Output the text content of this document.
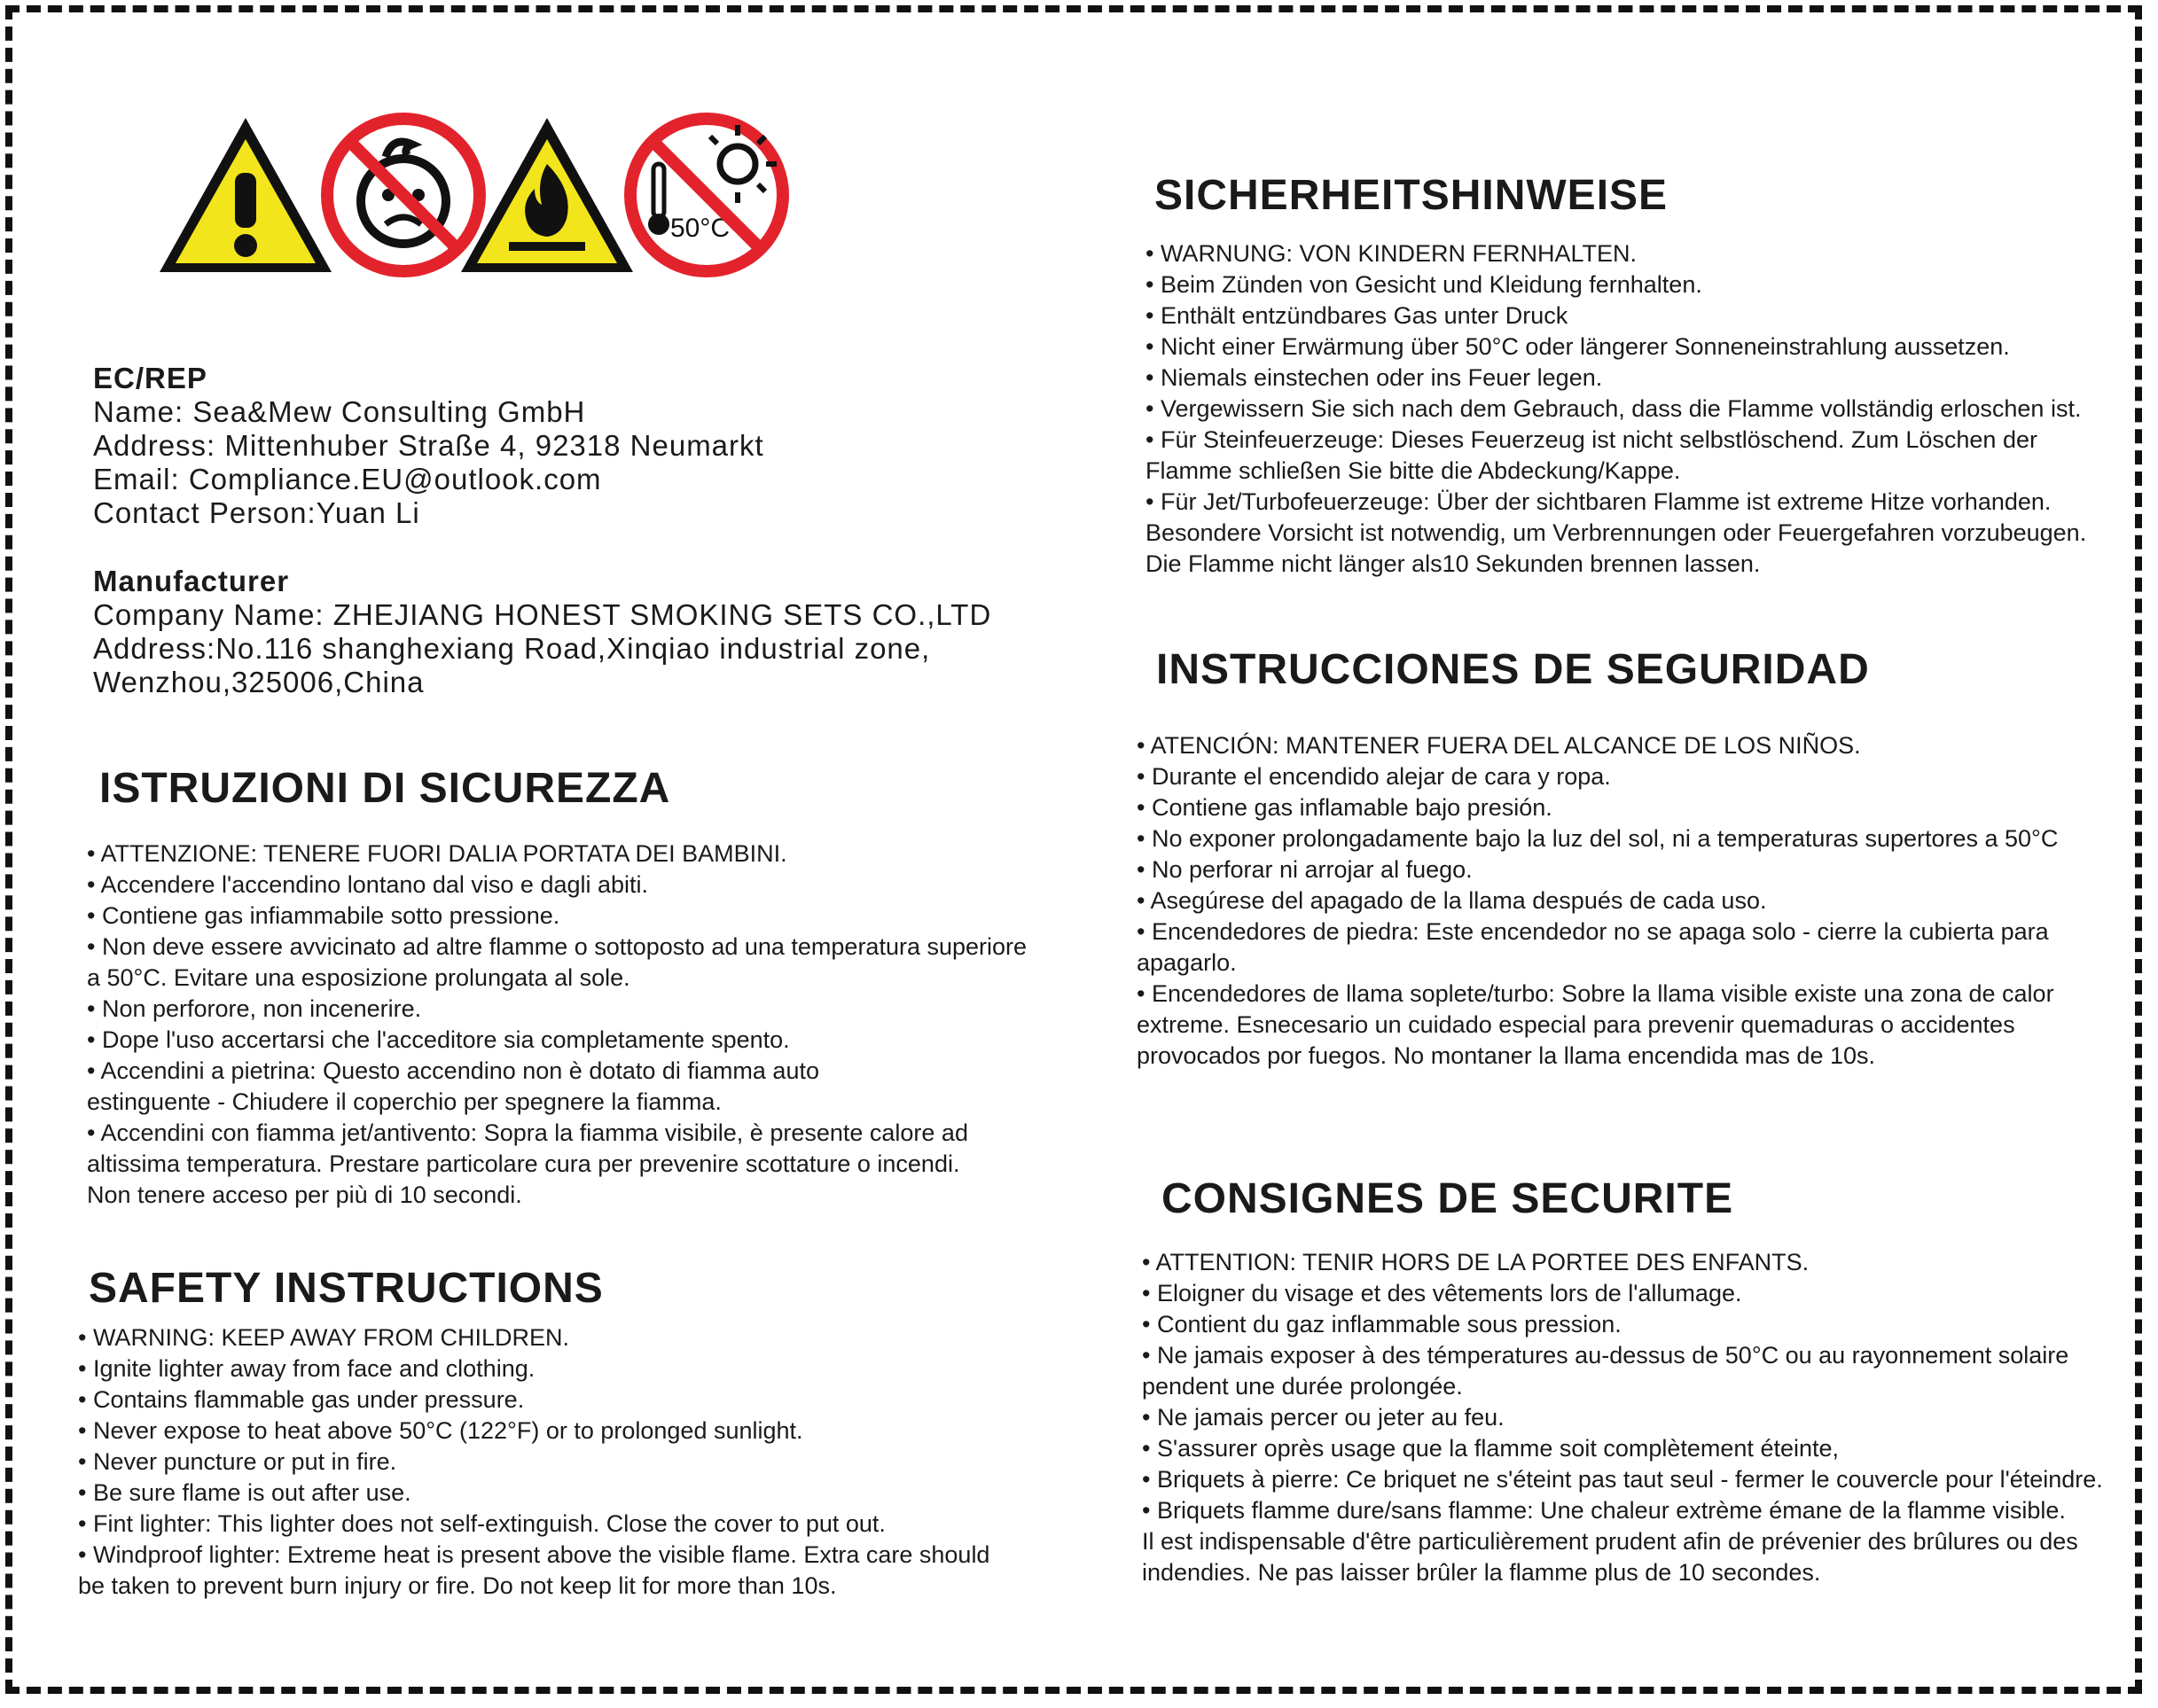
50°C
EC/REP
Name: Sea&Mew Consulting GmbH
Address: Mittenhuber Straße 4, 92318 Neumarkt
Email: Compliance.EU@outlook.com
Contact Person:Yuan Li
Manufacturer
Company Name: ZHEJIANG HONEST SMOKING SETS CO.,LTD
Address:No.116 shanghexiang Road,Xinqiao industrial zone,
Wenzhou,325006,China
ISTRUZIONI DI SICUREZZA
• ATTENZIONE: TENERE FUORI DALIA PORTATA DEI BAMBINI.
• Accendere l'accendino lontano dal viso e dagli abiti.
• Contiene gas infiammabile sotto pressione.
• Non deve essere avvicinato ad altre flamme o sottoposto ad una temperatura superiore
a 50°C. Evitare una esposizione prolungata al sole.
• Non perforore, non incenerire.
• Dope l'uso accertarsi che l'acceditore sia completamente spento.
• Accendini a pietrina: Questo accendino non è dotato di fiamma auto
estinguente - Chiudere il coperchio per spegnere la fiamma.
• Accendini con fiamma jet/antivento: Sopra la fiamma visibile, è presente calore ad
altissima temperatura. Prestare particolare cura per prevenire scottature o incendi.
Non tenere acceso per più di 10 secondi.
SAFETY INSTRUCTIONS
• WARNING: KEEP AWAY FROM CHILDREN.
• Ignite lighter away from face and clothing.
• Contains flammable gas under pressure.
• Never expose to heat above 50°C (122°F) or to prolonged sunlight.
• Never puncture or put in fire.
• Be sure flame is out after use.
• Fint lighter: This lighter does not self-extinguish. Close the cover to put out.
• Windproof lighter: Extreme heat is present above the visible flame. Extra care should
be taken to prevent burn injury or fire. Do not keep lit for more than 10s.
SICHERHEITSHINWEISE
• WARNUNG: VON KINDERN FERNHALTEN.
• Beim Zünden von Gesicht und Kleidung fernhalten.
• Enthält entzündbares Gas unter Druck
• Nicht einer Erwärmung über 50°C oder längerer Sonneneinstrahlung aussetzen.
• Niemals einstechen oder ins Feuer legen.
• Vergewissern Sie sich nach dem Gebrauch, dass die Flamme vollständig erloschen ist.
• Für Steinfeuerzeuge: Dieses Feuerzeug ist nicht selbstlöschend. Zum Löschen der
Flamme schließen Sie bitte die Abdeckung/Kappe.
• Für Jet/Turbofeuerzeuge: Über der sichtbaren Flamme ist extreme Hitze vorhanden.
Besondere Vorsicht ist notwendig, um Verbrennungen oder Feuergefahren vorzubeugen.
Die Flamme nicht länger als10 Sekunden brennen lassen.
INSTRUCCIONES DE SEGURIDAD
• ATENCIÓN: MANTENER FUERA DEL ALCANCE DE LOS NIÑOS.
• Durante el encendido alejar de cara y ropa.
• Contiene gas inflamable bajo presión.
• No exponer prolongadamente bajo la luz del sol, ni a temperaturas supertores a 50°C
• No perforar ni arrojar al fuego.
• Asegúrese del apagado de la llama después de cada uso.
• Encendedores de piedra: Este encendedor no se apaga solo - cierre la cubierta para
apagarlo.
• Encendedores de llama soplete/turbo: Sobre la llama visible existe una zona de calor
extreme. Esnecesario un cuidado especial para prevenir quemaduras o accidentes
provocados por fuegos. No montaner la llama encendida mas de 10s.
CONSIGNES DE SECURITE
• ATTENTION: TENIR HORS DE LA PORTEE DES ENFANTS.
• Eloigner du visage et des vêtements lors de l'allumage.
• Contient du gaz inflammable sous pression.
• Ne jamais exposer à des témperatures au-dessus de 50°C ou au rayonnement solaire
pendent une durée prolongée.
• Ne jamais percer ou jeter au feu.
• S'assurer oprès usage que la flamme soit complètement éteinte,
• Briquets à pierre: Ce briquet ne s'éteint pas taut seul - fermer le couvercle pour l'éteindre.
• Briquets flamme dure/sans flamme: Une chaleur extrème émane de la flamme visible.
Il est indispensable d'être particulièrement prudent afin de prévenier des brûlures ou des
indendies. Ne pas laisser brûler la flamme plus de 10 secondes.
